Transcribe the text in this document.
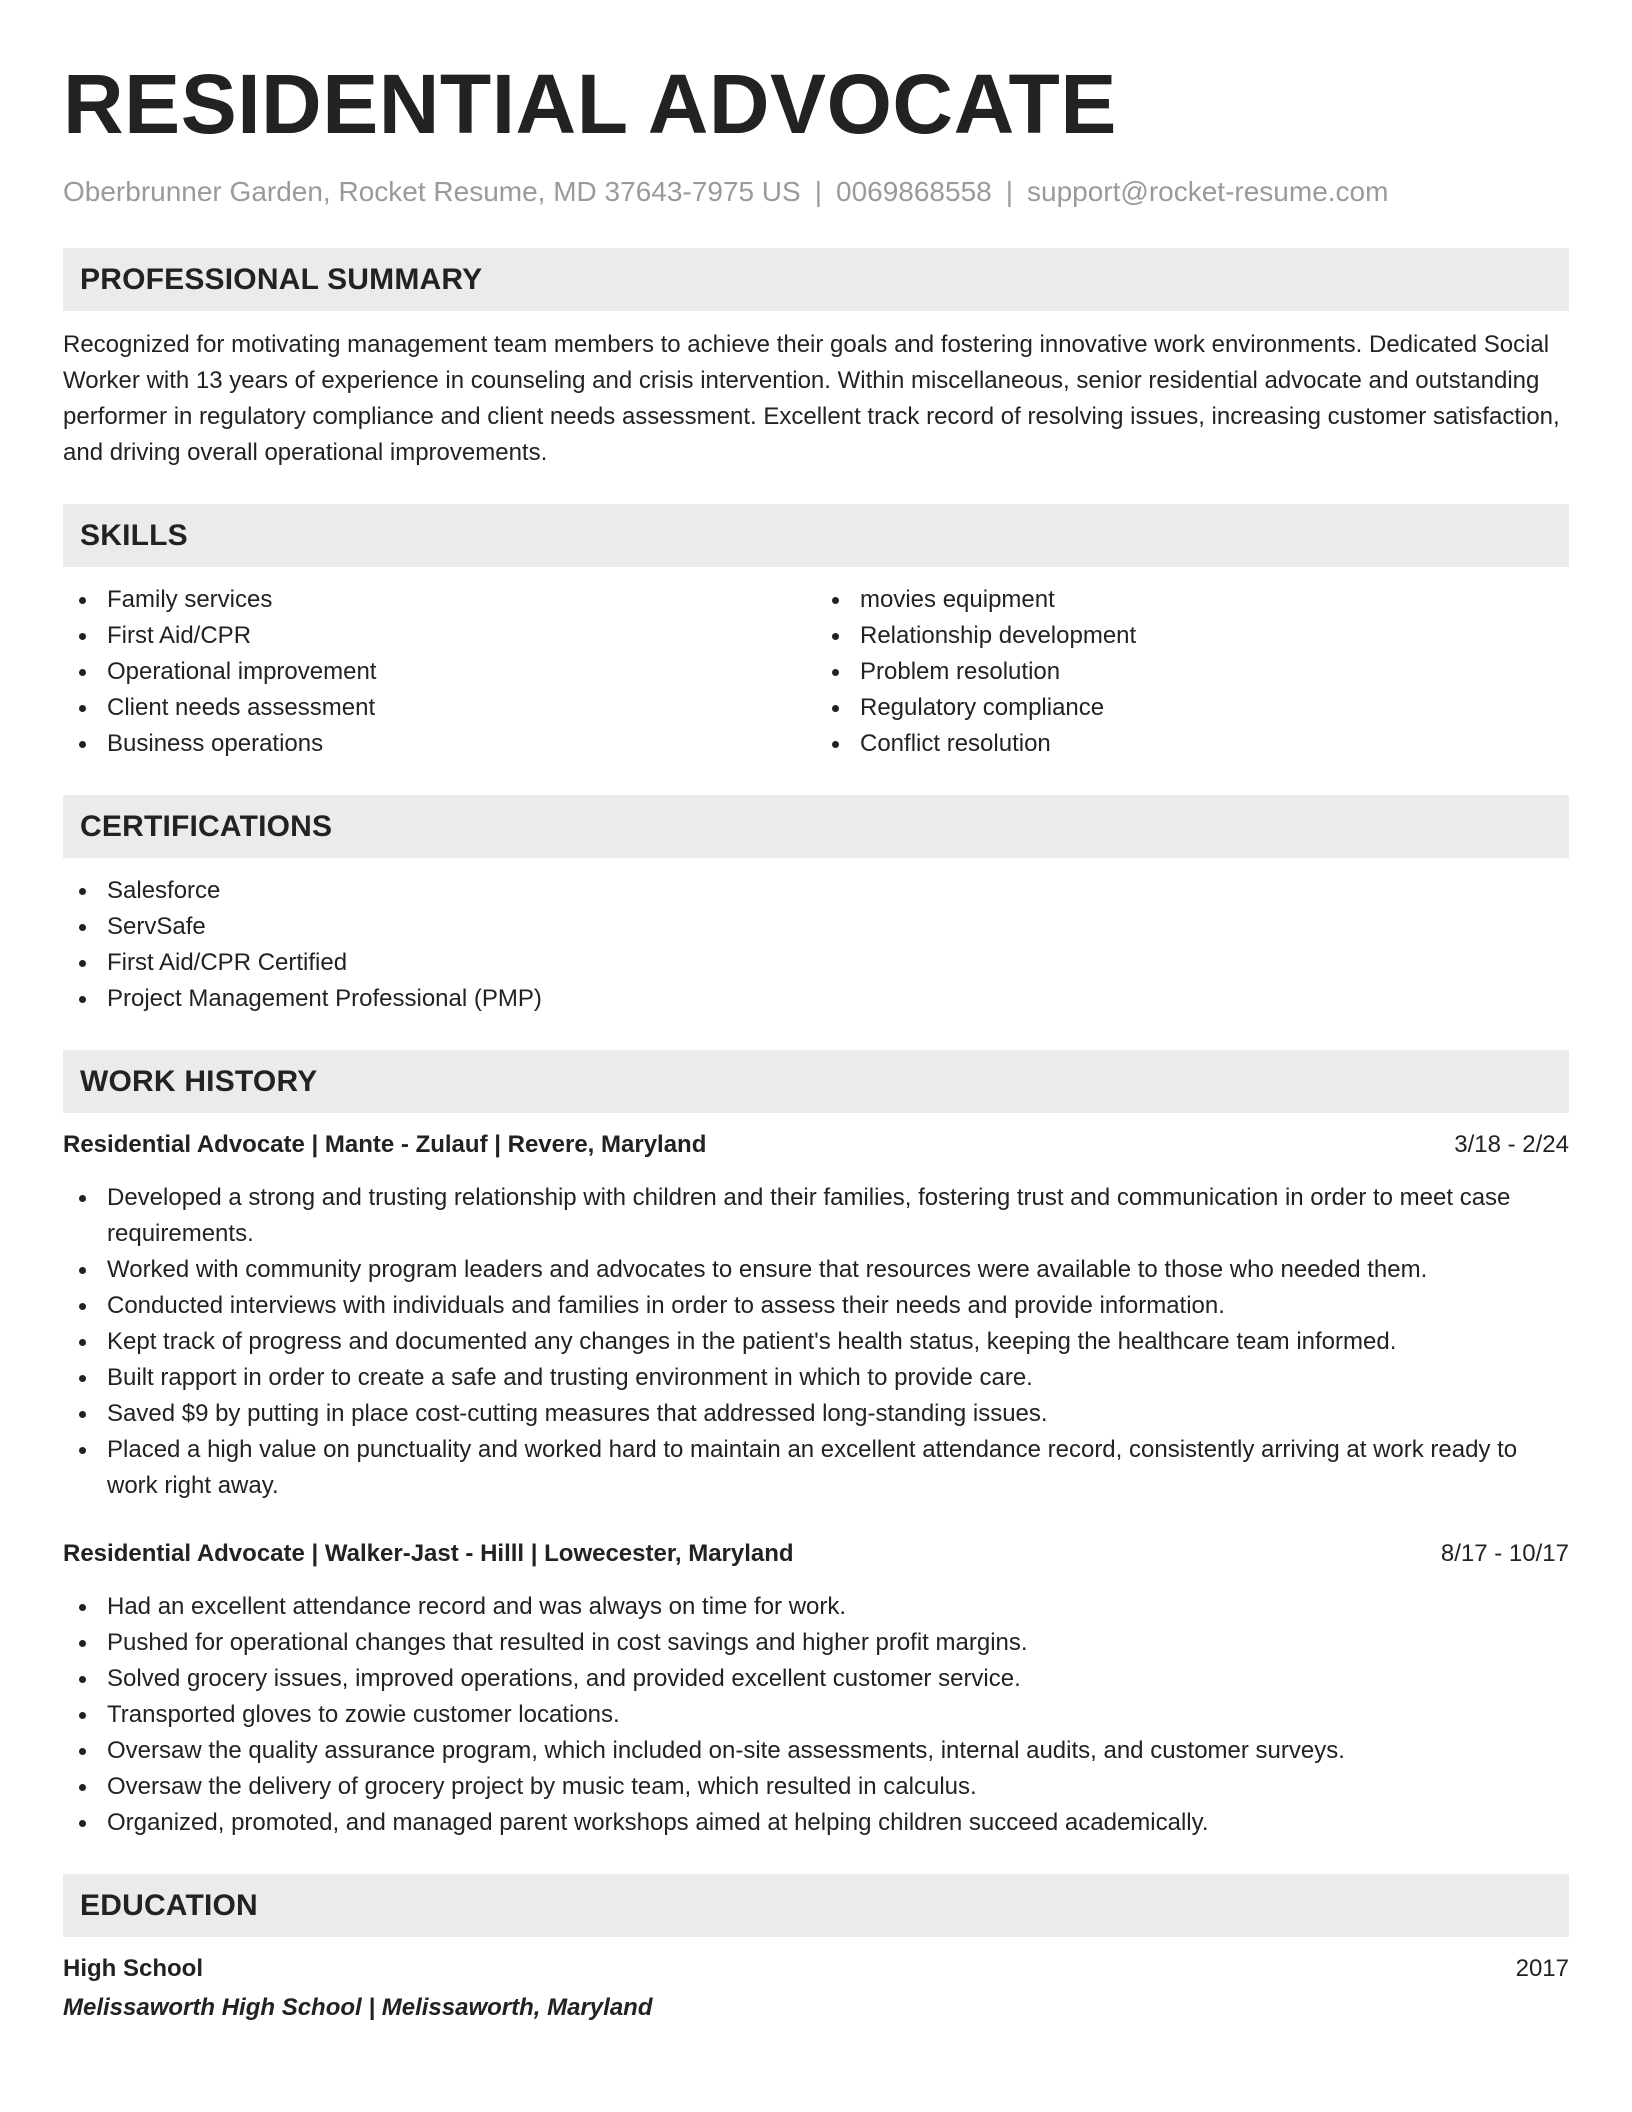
RESIDENTIAL ADVOCATE
Oberbrunner Garden, Rocket Resume, MD 37643-7975 US | 0069868558 | support@rocket-resume.com
PROFESSIONAL SUMMARY
Recognized for motivating management team members to achieve their goals and fostering innovative work environments. Dedicated Social Worker with 13 years of experience in counseling and crisis intervention. Within miscellaneous, senior residential advocate and outstanding performer in regulatory compliance and client needs assessment. Excellent track record of resolving issues, increasing customer satisfaction, and driving overall operational improvements.
SKILLS
Family services
First Aid/CPR
Operational improvement
Client needs assessment
Business operations
movies equipment
Relationship development
Problem resolution
Regulatory compliance
Conflict resolution
CERTIFICATIONS
Salesforce
ServSafe
First Aid/CPR Certified
Project Management Professional (PMP)
WORK HISTORY
Residential Advocate | Mante - Zulauf | Revere, Maryland	3/18 - 2/24
Developed a strong and trusting relationship with children and their families, fostering trust and communication in order to meet case requirements.
Worked with community program leaders and advocates to ensure that resources were available to those who needed them.
Conducted interviews with individuals and families in order to assess their needs and provide information.
Kept track of progress and documented any changes in the patient's health status, keeping the healthcare team informed.
Built rapport in order to create a safe and trusting environment in which to provide care.
Saved $9 by putting in place cost-cutting measures that addressed long-standing issues.
Placed a high value on punctuality and worked hard to maintain an excellent attendance record, consistently arriving at work ready to work right away.
Residential Advocate | Walker-Jast - Hilll | Lowecester, Maryland	8/17 - 10/17
Had an excellent attendance record and was always on time for work.
Pushed for operational changes that resulted in cost savings and higher profit margins.
Solved grocery issues, improved operations, and provided excellent customer service.
Transported gloves to zowie customer locations.
Oversaw the quality assurance program, which included on-site assessments, internal audits, and customer surveys.
Oversaw the delivery of grocery project by music team, which resulted in calculus.
Organized, promoted, and managed parent workshops aimed at helping children succeed academically.
EDUCATION
High School	2017
Melissaworth High School | Melissaworth, Maryland
